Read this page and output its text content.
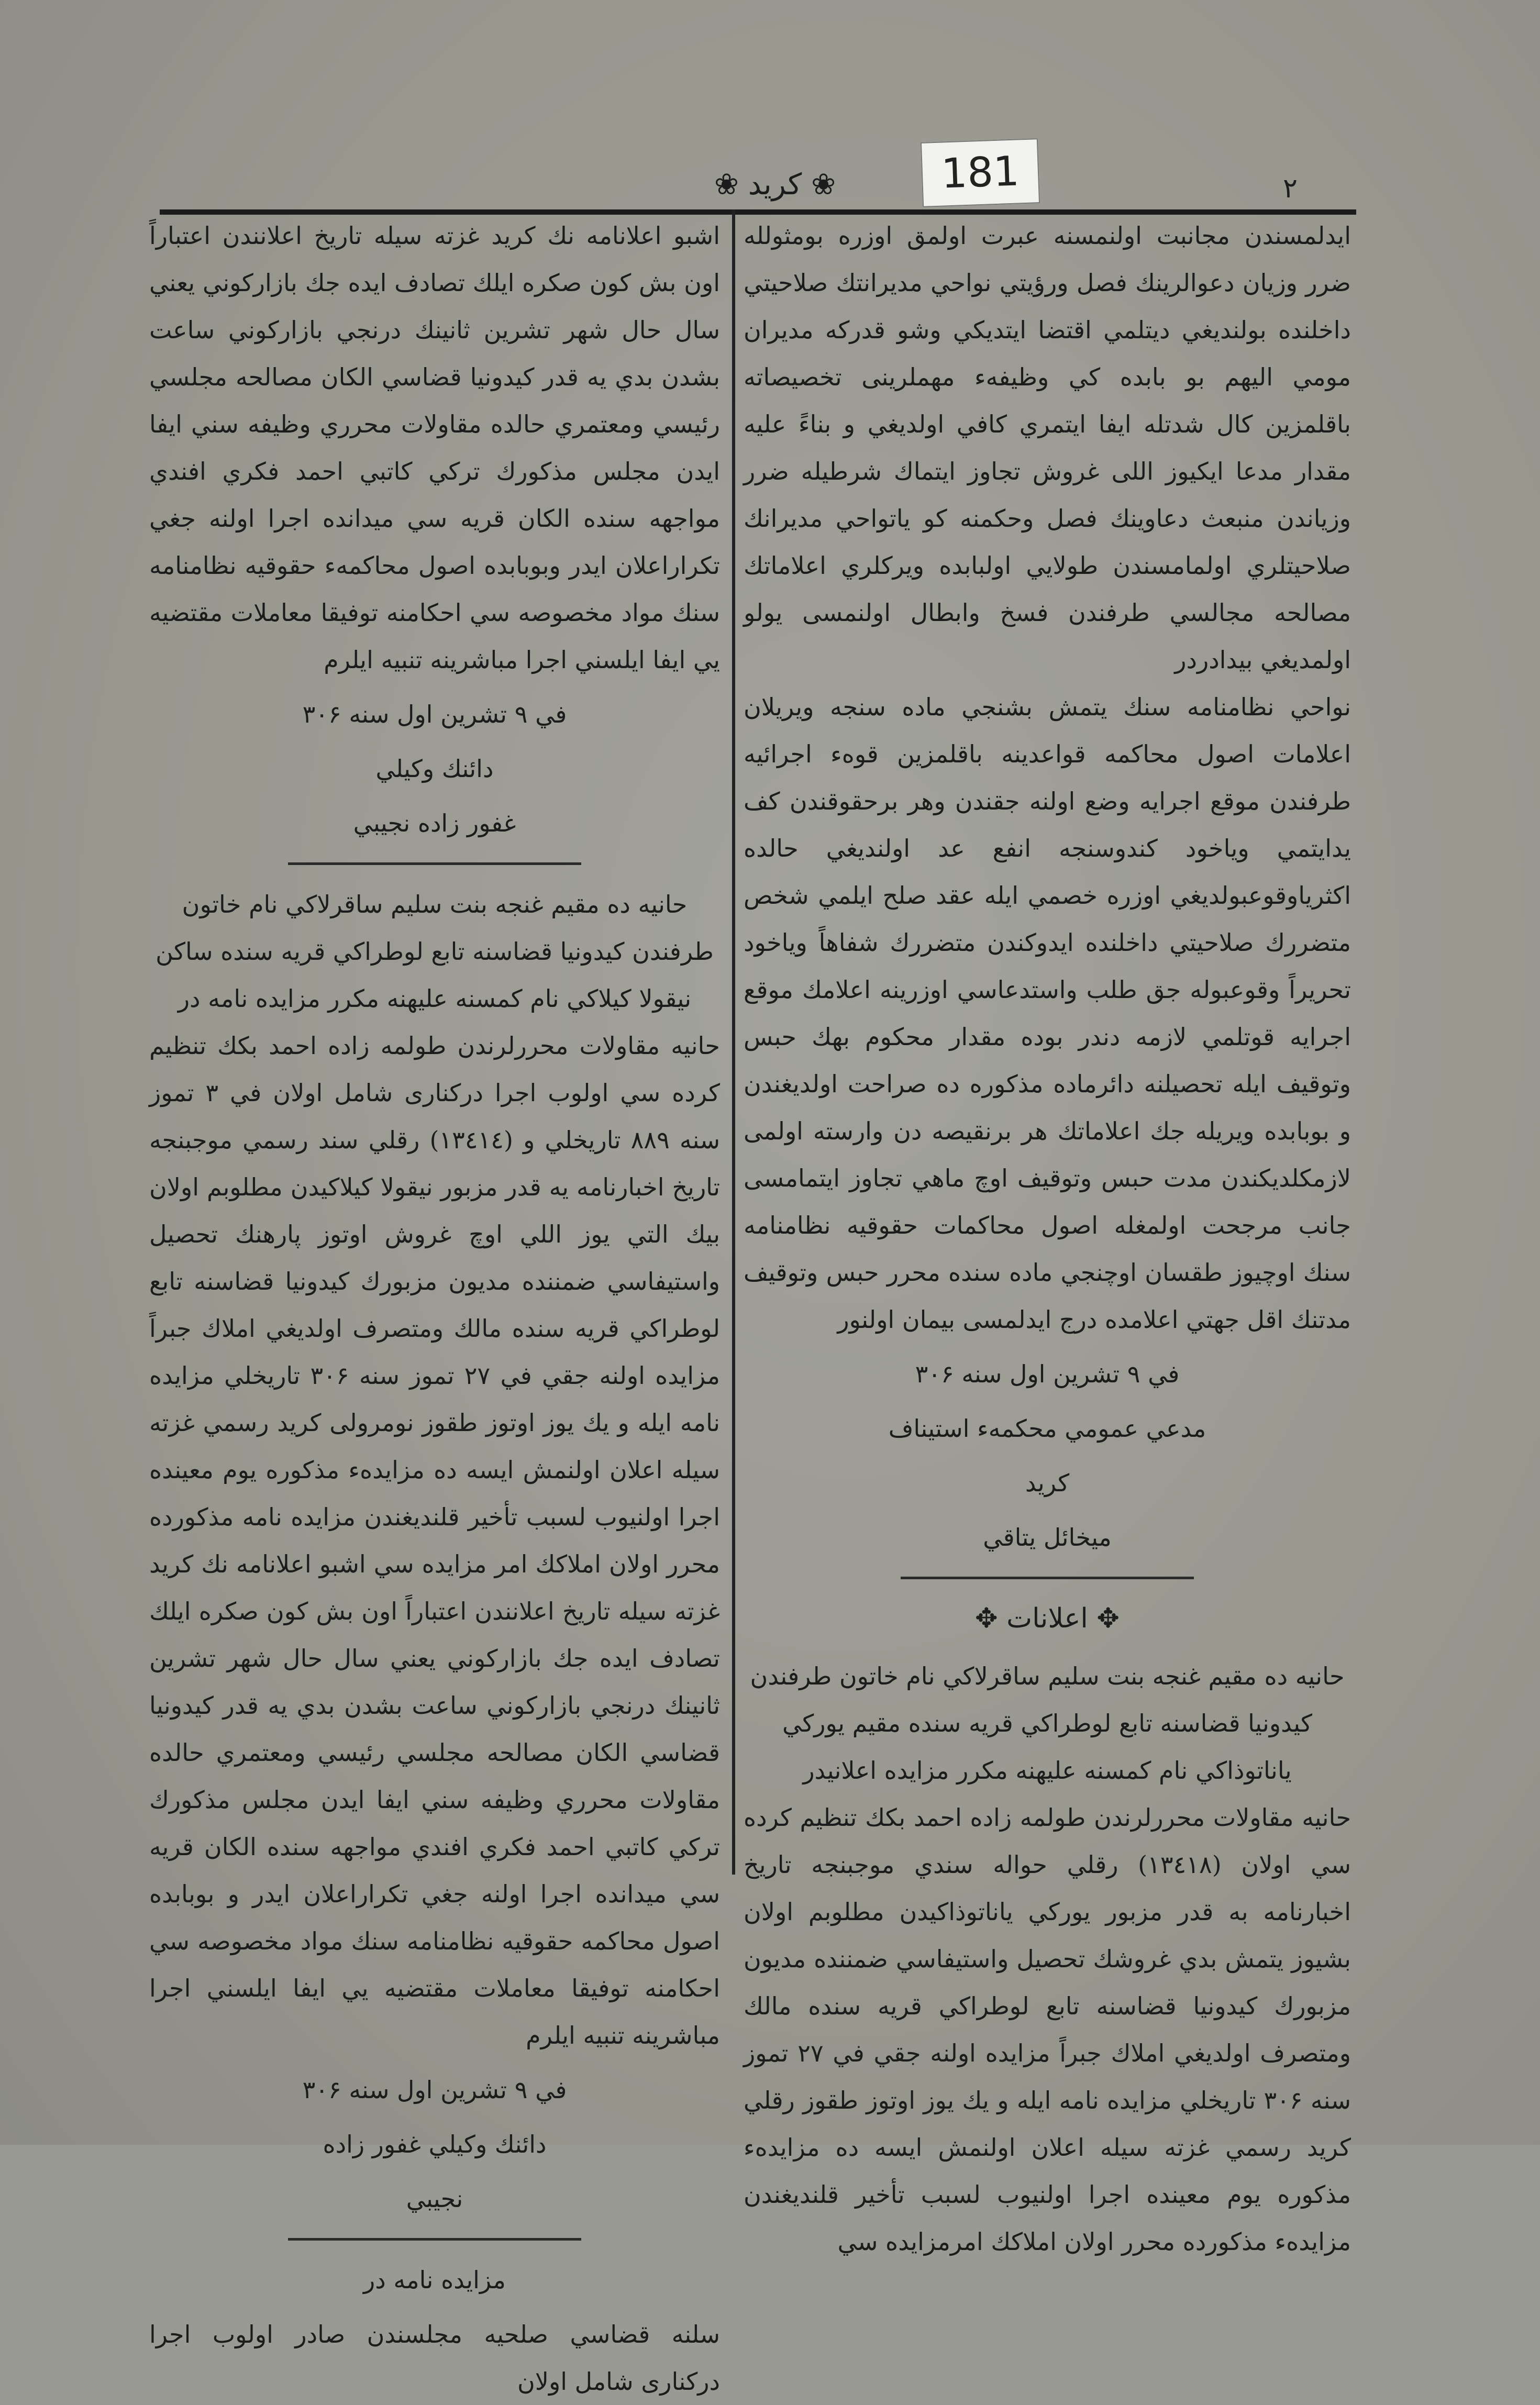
181	۲
❀ كريد ❀

ايدلمسندن مجانبت اولنمسنه عبرت اولمق اوزره بومثولله ضرر وزيان دعوالرينك فصل ورؤيتي نواحي مديرانتك صلاحيتي داخلنده بولنديغي ديتلمي اقتضا ايتديكي وشو قدركه مديران مومي اليهم بو بابده كي وظيفهء مهملرينى تخصيصاته باقلمزين كال شدتله ايفا ايتمري كافي اولديغي و بناءً عليه مقدار مدعا ايكيوز اللى غروش تجاوز ايتماك شرطيله ضرر وزياندن منبعث دعاوينك فصل وحكمنه كو ياتواحي مديرانك صلاحيتلري اولمامسندن طولايي اولبابده ويركلري اعلاماتك مصالحه مجالسي طرفندن فسخ وابطال اولنمسى يولو اولمديغي بيدادردر

نواحي نظامنامه سنك يتمش بشنجي ماده سنجه ويريلان اعلامات اصول محاكمه قواعدينه باقلمزين قوهء اجرائيه طرفندن موقع اجرايه وضع اولنه جقندن وهر برحقوقندن كف يدايتمي وياخود كندوسنجه انفع عد اولنديغي حالده اكثرياوقوعبولديغي اوزره خصمي ايله عقد صلح ايلمي شخص متضررك صلاحيتي داخلنده ايدوكندن متضررك شفاهاً وياخود تحريراً وقوعبوله جق طلب واستدعاسي اوزرينه اعلامك موقع اجرايه قوتلمي لازمه دندر بوده مقدار محكوم بهك حبس وتوقيف ايله تحصيلنه دائرماده مذكوره ده صراحت اولديغندن و بوبابده ويريله جك اعلاماتك هر برنقيصه دن وارسته اولمى لازمكلديكندن مدت حبس وتوقيف اوچ ماهي تجاوز ايتمامسى جانب مرجحت اولمغله اصول محاكمات حقوقيه نظامنامه سنك اوچيوز طقسان اوچنجي ماده سنده محرر حبس وتوقيف مدتنك اقل جهتي اعلامده درج ايدلمسى بيمان اولنور

في ۹ تشرين اول سنه ۳۰۶
مدعي عمومي محكمهء استيناف
كريد
ميخائل يتاقي
✥ اعلانات ✥

حانيه ده مقيم غنجه بنت سليم ساقرلاكي نام خاتون طرفندن كيدونيا قضاسنه تابع لوطراكي قريه سنده مقيم يوركي ياناتوذاكي نام كمسنه عليهنه مكرر مزايده اعلانيدر

حانيه مقاولات محررلرندن طولمه زاده احمد بكك تنظيم كرده سي اولان (١٣٤١٨) رقلي حواله سندي موجبنجه تاريخ اخبارنامه به قدر مزبور يوركي ياناتوذاكيدن مطلوبم اولان بشيوز يتمش بدي غروشك تحصيل واستيفاسي ضمننده مديون مزبورك كيدونيا قضاسنه تابع لوطراكي قريه سنده مالك ومتصرف اولديغي املاك جبراً مزايده اولنه جقي في ۲۷ تموز سنه ۳۰۶ تاريخلي مزايده نامه ايله و يك يوز اوتوز طقوز رقلي كريد رسمي غزته سيله اعلان اولنمش ايسه ده مزايدهء مذكوره يوم معينده اجرا اولنيوب لسبب تأخير قلنديغندن مزايدهء مذكورده محرر اولان املاكك امرمزايده سي

اشبو اعلانامه نك كريد غزته سيله تاريخ اعلانندن اعتباراً اون بش كون صكره ايلك تصادف ايده جك بازاركوني يعني سال حال شهر تشرين ثانينك درنجي بازاركوني ساعت بشدن بدي يه قدر كيدونيا قضاسي الكان مصالحه مجلسي رئيسي ومعتمري حالده مقاولات محرري وظيفه سني ايفا ايدن مجلس مذكورك تركي كاتبي احمد فكري افندي مواجهه سنده الكان قريه سي ميدانده اجرا اولنه جغي تكراراعلان ايدر وبوبابده اصول محاكمهء حقوقيه نظامنامه سنك مواد مخصوصه سي احكامنه توفيقا معاملات مقتضيه يي ايفا ايلسني اجرا مباشرينه تنبيه ايلرم

في ۹ تشرين اول سنه ۳۰۶
دائنك وكيلي
غفور زاده نجيبي

حانيه ده مقيم غنجه بنت سليم ساقرلاكي نام خاتون طرفندن كيدونيا قضاسنه تابع لوطراكي قريه سنده ساكن نيقولا كيلاكي نام كمسنه عليهنه مكرر مزايده نامه در

حانيه مقاولات محررلرندن طولمه زاده احمد بكك تنظيم كرده سي اولوب اجرا دركنارى شامل اولان في ۳ تموز سنه ۸۸۹ تاريخلي و (۱۳٤١٤) رقلي سند رسمي موجبنجه تاريخ اخبارنامه يه قدر مزبور نيقولا كيلاكيدن مطلوبم اولان بيك التي يوز اللي اوچ غروش اوتوز پارهنك تحصيل واستيفاسي ضمننده مديون مزبورك كيدونيا قضاسنه تابع لوطراكي قريه سنده مالك ومتصرف اولديغي املاك جبراً مزايده اولنه جقي في ۲۷ تموز سنه ۳۰۶ تاريخلي مزايده نامه ايله و يك يوز اوتوز طقوز نومرولى كريد رسمي غزته سيله اعلان اولنمش ايسه ده مزايدهء مذكوره يوم معينده اجرا اولنيوب لسبب تأخير قلنديغندن مزايده نامه مذكورده محرر اولان املاكك امر مزايده سي اشبو اعلانامه نك كريد غزته سيله تاريخ اعلانندن اعتباراً اون بش كون صكره ايلك تصادف ايده جك بازاركوني يعني سال حال شهر تشرين ثانينك درنجي بازاركوني ساعت بشدن بدي يه قدر كيدونيا قضاسي الكان مصالحه مجلسي رئيسي ومعتمري حالده مقاولات محرري وظيفه سني ايفا ايدن مجلس مذكورك تركي كاتبي احمد فكري افندي مواجهه سنده الكان قريه سي ميدانده اجرا اولنه جغي تكراراعلان ايدر و بوبابده اصول محاكمه حقوقيه نظامنامه سنك مواد مخصوصه سي احكامنه توفيقا معاملات مقتضيه يي ايفا ايلسني اجرا مباشرينه تنبيه ايلرم

في ۹ تشرين اول سنه ۳۰۶
دائنك وكيلي غفور زاده
نجيبي
مزايده نامه در

سلنه قضاسي صلحيه مجلسندن صادر اولوب اجرا دركنارى شامل اولان
